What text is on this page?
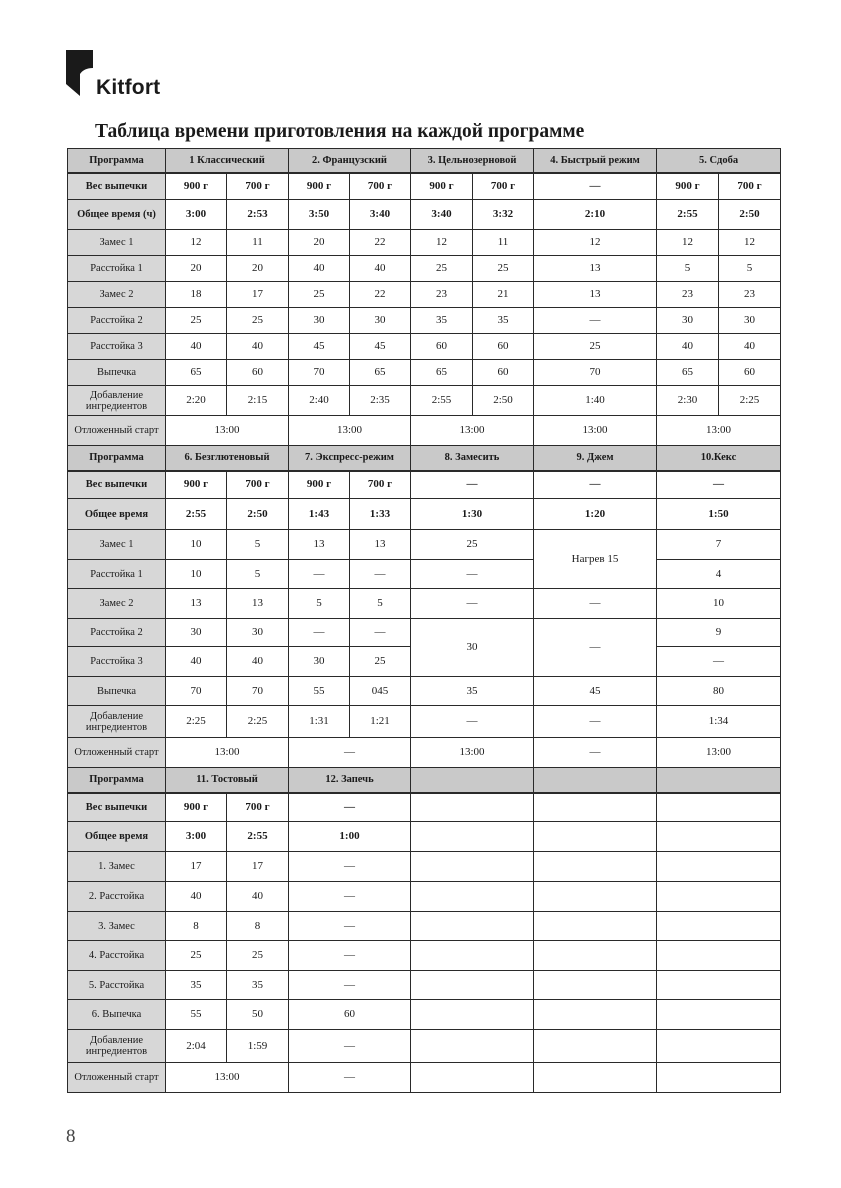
Kitfort
Таблица времени приготовления на каждой программе
Программа	1 Классический		2. Французский		3. Цельнозерновой		4. Быстрый режим	5. Сдоба	
Вес выпечки	900 г	700 г	900 г	700 г	900 г	700 г	—	900 г	700 г
Общее время (ч)	3:00	2:53	3:50	3:40	3:40	3:32	2:10	2:55	2:50
Замес 1	12	11	20	22	12	11	12	12	12
Расстойка 1	20	20	40	40	25	25	13	5	5
Замес 2	18	17	25	22	23	21	13	23	23
Расстойка 2	25	25	30	30	35	35	—	30	30
Расстойка 3	40	40	45	45	60	60	25	40	40
Выпечка	65	60	70	65	65	60	70	65	60
Добавление ингредиентов	2:20	2:15	2:40	2:35	2:55	2:50	1:40	2:30	2:25
Отложенный старт	13:00		13:00		13:00		13:00	13:00	
Программа	6. Безглютеновый		7. Экспресс-режим		8. Замесить		9. Джем	10.Кекс	
Вес выпечки	900 г	700 г	900 г	700 г	—		—	—	
Общее время	2:55	2:50	1:43	1:33	1:30		1:20	1:50	
Замес 1	10	5	13	13	25		Нагрев 15	7	
Расстойка 1	10	5	—	—	—			4	
Замес 2	13	13	5	5	—		—	10	
Расстойка 2	30	30	—	—	30		—	9	
Расстойка 3	40	40	30	25				—	
Выпечка	70	70	55	045	35		45	80	
Добавление ингредиентов	2:25	2:25	1:31	1:21	—		—	1:34	
Отложенный старт	13:00		—		13:00		—	13:00	
Программа	11. Тостовый		12. Запечь						
Вес выпечки	900 г	700 г	—						
Общее время	3:00	2:55	1:00						
1. Замес	17	17	—						
2. Расстойка	40	40	—						
3. Замес	8	8	—						
4. Расстойка	25	25	—						
5. Расстойка	35	35	—						
6. Выпечка	55	50	60						
Добавление ингредиентов	2:04	1:59	—						
Отложенный старт	13:00		—						
8
